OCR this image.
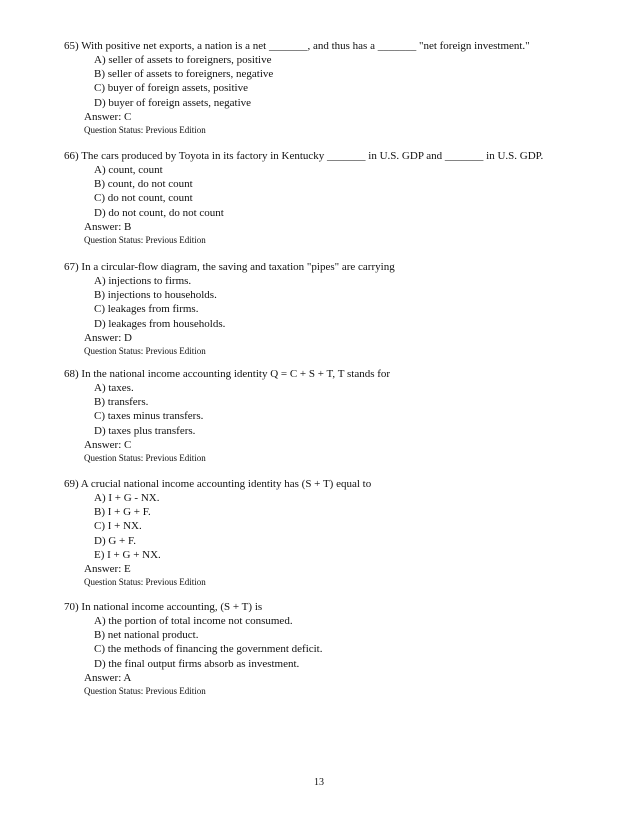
65) With positive net exports, a nation is a net _______, and thus has a _______ "net foreign investment."

A) seller of assets to foreigners, positive
B) seller of assets to foreigners, negative
C) buyer of foreign assets, positive
D) buyer of foreign assets, negative
Answer: C
Question Status: Previous Edition

66) The cars produced by Toyota in its factory in Kentucky _______ in U.S. GDP and _______ in U.S. GDP.

A) count, count
B) count, do not count
C) do not count, count
D) do not count, do not count
Answer: B
Question Status: Previous Edition

67) In a circular-flow diagram, the saving and taxation "pipes" are carrying

A) injections to firms.
B) injections to households.
C) leakages from firms.
D) leakages from households.
Answer: D
Question Status: Previous Edition

68) In the national income accounting identity Q = C + S + T, T stands for

A) taxes.
B) transfers.
C) taxes minus transfers.
D) taxes plus transfers.
Answer: C
Question Status: Previous Edition

69) A crucial national income accounting identity has (S + T) equal to

A) I + G - NX.
B) I + G + F.
C) I + NX.
D) G + F.
E) I + G + NX.
Answer: E
Question Status: Previous Edition

70) In national income accounting, (S + T) is

A) the portion of total income not consumed.
B) net national product.
C) the methods of financing the government deficit.
D) the final output firms absorb as investment.
Answer: A
Question Status: Previous Edition
13
